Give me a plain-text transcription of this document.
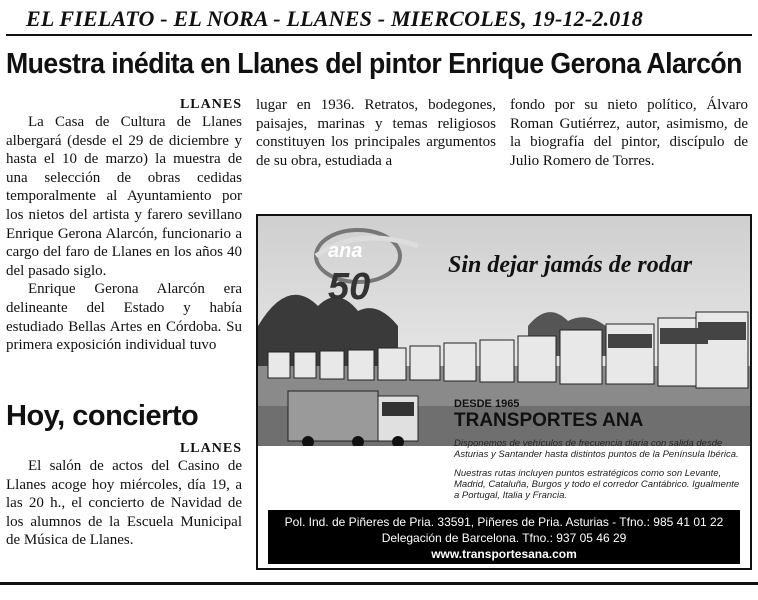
EL FIELATO - EL NORA - LLANES - MIERCOLES, 19-12-2.018
Muestra inédita en Llanes del pintor Enrique Gerona Alarcón
LLANES

La Casa de Cultura de Llanes albergará (desde el 29 de diciembre y hasta el 10 de marzo) la muestra de una selección de obras cedidas temporalmente al Ayuntamiento por los nietos del artista y farero sevillano Enrique Gerona Alarcón, funcionario a cargo del faro de Llanes en los años 40 del pasado siglo.

Enrique Gerona Alarcón era delineante del Estado y había estudiado Bellas Artes en Córdoba. Su primera exposición individual tuvo

lugar en 1936. Retratos, bodegones, paisajes, marinas y temas religiosos constituyen los principales argumentos de su obra, estudiada a

fondo por su nieto político, Álvaro Roman Gutiérrez, autor, asimismo, de la biografía del pintor, discípulo de Julio Romero de Torres.

Hoy, concierto
LLANES

El salón de actos del Casino de Llanes acoge hoy miércoles, día 19, a las 20 h., el concierto de Navidad de los alumnos de la Escuela Municipal de Música de Llanes.

ana
50
Sin dejar jamás de rodar
DESDE 1965
TRANSPORTES ANA
Disponemos de vehículos de frecuencia diaria con salida desde Asturias y Santander hasta distintos puntos de la Península Ibérica.
Nuestras rutas incluyen puntos estratégicos como son Levante, Madrid, Cataluña, Burgos y todo el corredor Cantábrico. Igualmente a Portugal, Italia y Francia.
Pol. Ind. de Piñeres de Pria. 33591, Piñeres de Pria. Asturias - Tfno.: 985 41 01 22
Delegación de Barcelona. Tfno.: 937 05 46 29
www.transportesana.com
